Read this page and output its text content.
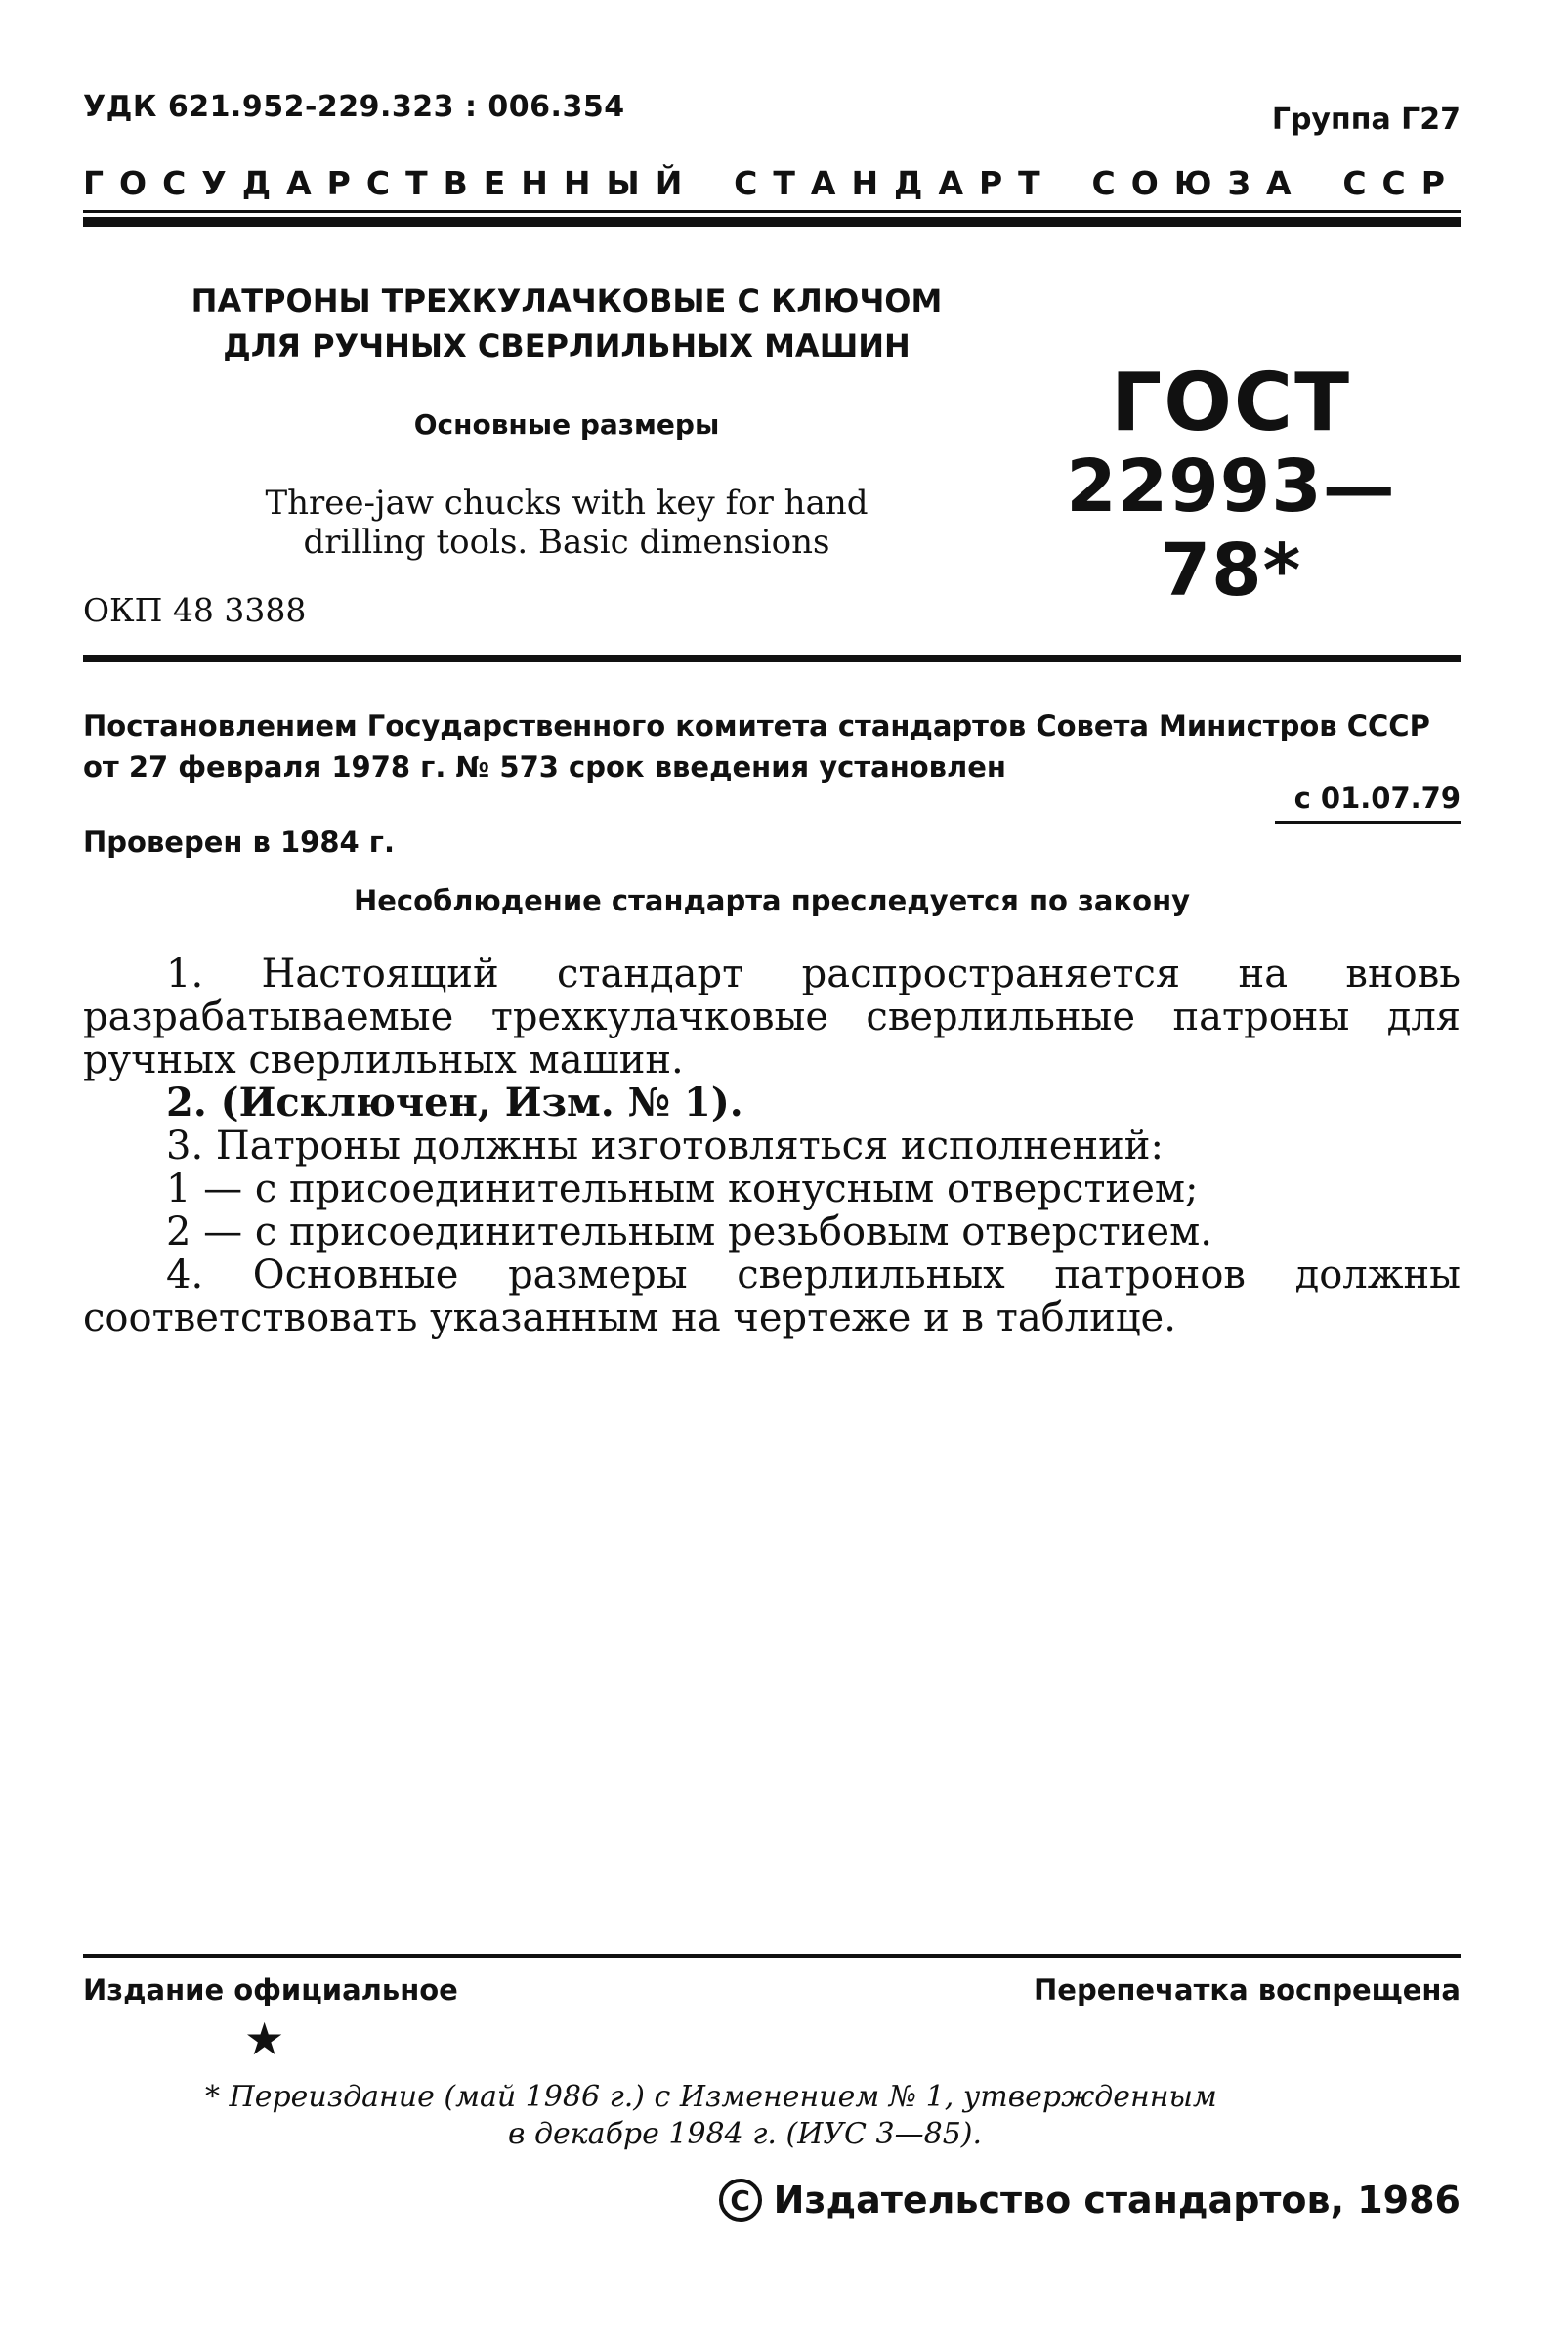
УДК 621.952-229.323 : 006.354	Группа Г27
ГОСУДАРСТВЕННЫЙ СТАНДАРТ СОЮЗА ССР
ПАТРОНЫ ТРЕХКУЛАЧКОВЫЕ С КЛЮЧОМ
ДЛЯ РУЧНЫХ СВЕРЛИЛЬНЫХ МАШИН
Основные размеры
Three-jaw chucks with key for hand
drilling tools. Basic dimensions
ГОСТ
22993—78*
ОКП 48 3388
Постановлением Государственного комитета стандартов Совета Министров СССР
от 27 февраля 1978 г. № 573 срок введения установлен
с 01.07.79
Проверен в 1984 г.
Несоблюдение стандарта преследуется по закону

1. Настоящий стандарт распространяется на вновь разрабатываемые трехкулачковые сверлильные патроны для ручных сверлильных машин.

2. (Исключен, Изм. № 1).

3. Патроны должны изготовляться исполнений:

1 — с присоединительным конусным отверстием;

2 — с присоединительным резьбовым отверстием.

4. Основные размеры сверлильных патронов должны соответствовать указанным на чертеже и в таблице.

Издание официальное	Перепечатка воспрещена
★
* Переиздание (май 1986 г.) с Изменением № 1, утвержденным
в декабре 1984 г. (ИУС 3—85).
C Издательство стандартов, 1986
